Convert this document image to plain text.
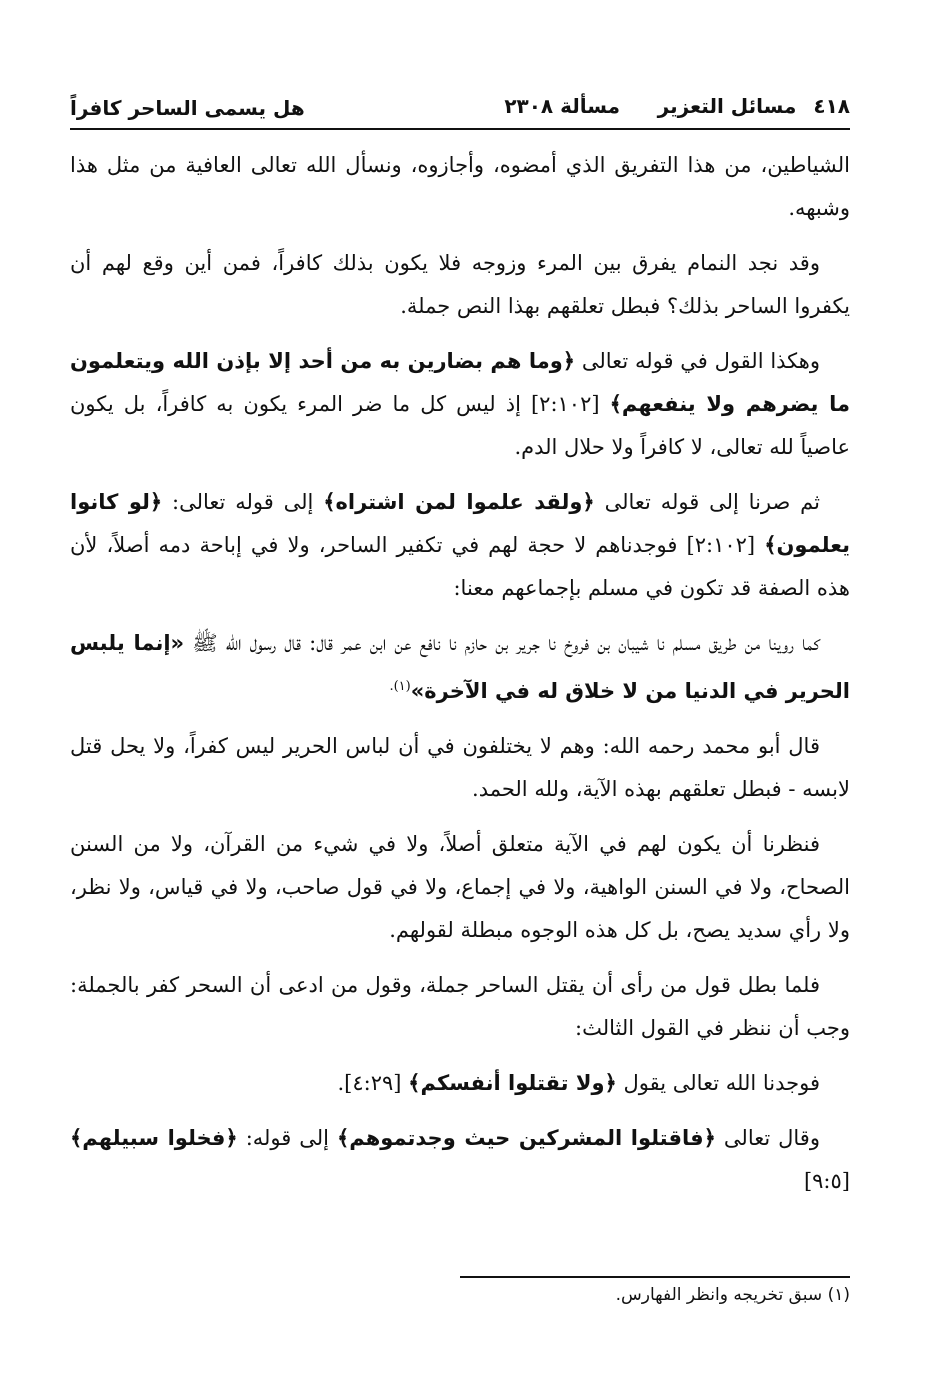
٤١٨ مسائل التعزير
مسألة ٢٣٠٨
هل يسمى الساحر كافراً

الشياطين، من هذا التفريق الذي أمضوه، وأجازوه، ونسأل الله تعالى العافية من مثل هذا وشبهه.

وقد نجد النمام يفرق بين المرء وزوجه فلا يكون بذلك كافراً، فمن أين وقع لهم أن يكفروا الساحر بذلك؟ فبطل تعلقهم بهذا النص جملة.

وهكذا القول في قوله تعالى ﴿وما هم بضارين به من أحد إلا بإذن الله ويتعلمون ما يضرهم ولا ينفعهم﴾ [٢:١٠٢] إذ ليس كل ما ضر المرء يكون به كافراً، بل يكون عاصياً لله تعالى، لا كافراً ولا حلال الدم.

ثم صرنا إلى قوله تعالى ﴿ولقد علموا لمن اشتراه﴾ إلى قوله تعالى: ﴿لو كانوا يعلمون﴾ [٢:١٠٢] فوجدناهم لا حجة لهم في تكفير الساحر، ولا في إباحة دمه أصلاً، لأن هذه الصفة قد تكون في مسلم بإجماعهم معنا:

كما روينا من طريق مسلم نا شيبان بن فروخ نا جرير بن حازم نا نافع عن ابن عمر قال: قال رسول الله ﷺ «إنما يلبس الحرير في الدنيا من لا خلاق له في الآخرة»$^{(١).}$

قال أبو محمد رحمه الله: وهم لا يختلفون في أن لباس الحرير ليس كفراً، ولا يحل قتل لابسه - فبطل تعلقهم بهذه الآية، ولله الحمد.

فنظرنا أن يكون لهم في الآية متعلق أصلاً، ولا في شيء من القرآن، ولا من السنن الصحاح، ولا في السنن الواهية، ولا في إجماع، ولا في قول صاحب، ولا في قياس، ولا نظر، ولا رأي سديد يصح، بل كل هذه الوجوه مبطلة لقولهم.

فلما بطل قول من رأى أن يقتل الساحر جملة، وقول من ادعى أن السحر كفر بالجملة: وجب أن ننظر في القول الثالث:

فوجدنا الله تعالى يقول ﴿ولا تقتلوا أنفسكم﴾ [٤:٢٩].

وقال تعالى ﴿فاقتلوا المشركين حيث وجدتموهم﴾ إلى قوله: ﴿فخلوا سبيلهم﴾ [٩:٥]

(١) سبق تخريجه وانظر الفهارس.
